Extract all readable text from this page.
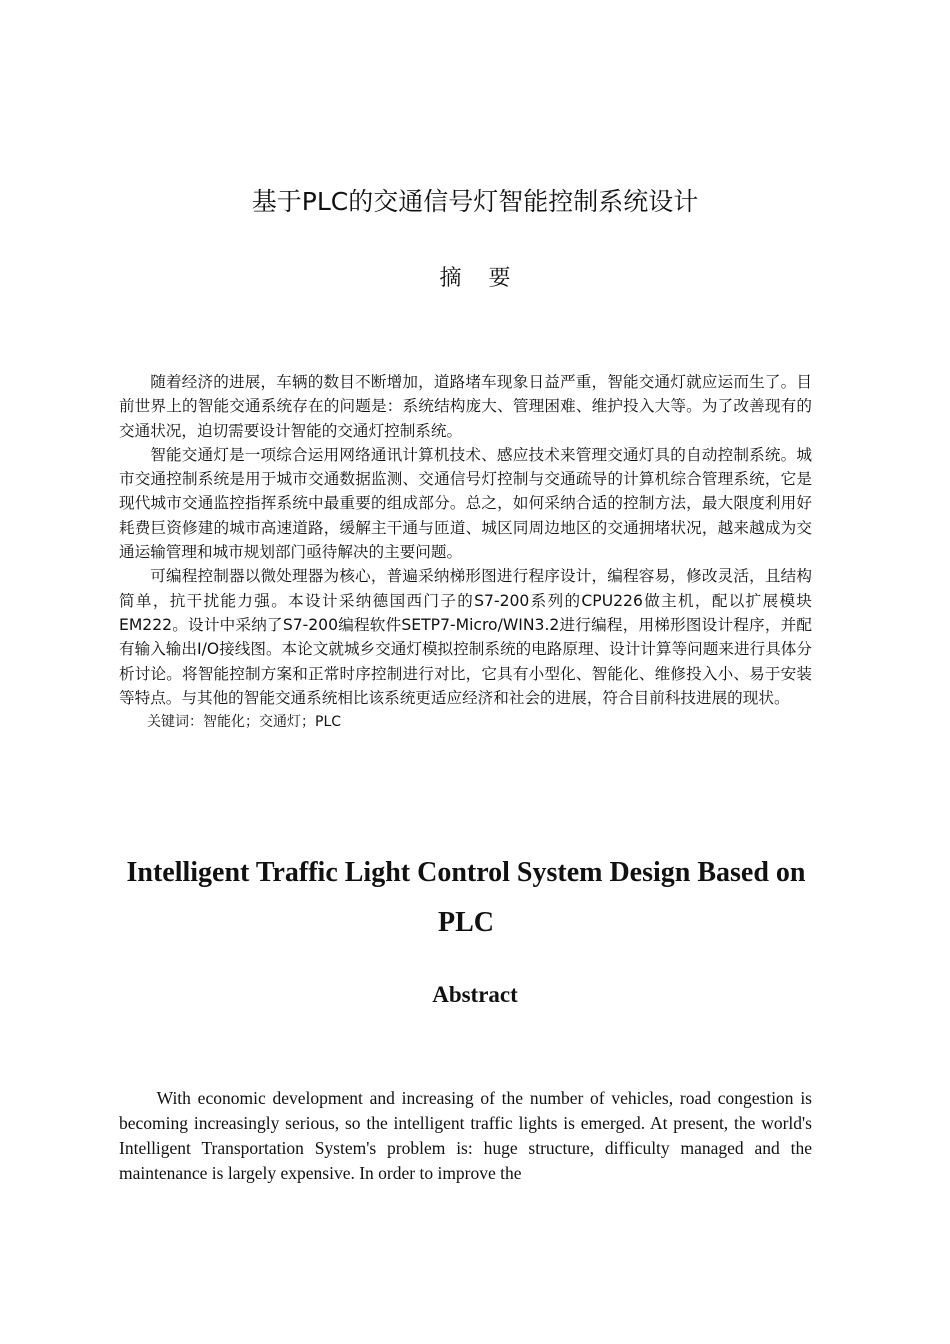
基于PLC的交通信号灯智能控制系统设计
摘 要

随着经济的进展，车辆的数目不断增加，道路堵车现象日益严重，智能交通灯就应运而生了。目前世界上的智能交通系统存在的问题是：系统结构庞大、管理困难、维护投入大等。为了改善现有的交通状况，迫切需要设计智能的交通灯控制系统。

智能交通灯是一项综合运用网络通讯计算机技术、感应技术来管理交通灯具的自动控制系统。城市交通控制系统是用于城市交通数据监测、交通信号灯控制与交通疏导的计算机综合管理系统，它是现代城市交通监控指挥系统中最重要的组成部分。总之，如何采纳合适的控制方法，最大限度利用好耗费巨资修建的城市高速道路，缓解主干通与匝道、城区同周边地区的交通拥堵状况，越来越成为交通运输管理和城市规划部门亟待解决的主要问题。

可编程控制器以微处理器为核心，普遍采纳梯形图进行程序设计，编程容易，修改灵活，且结构简单，抗干扰能力强。本设计采纳德国西门子的S7-200系列的CPU226做主机，配以扩展模块EM222。设计中采纳了S7-200编程软件SETP7-Micro/WIN3.2进行编程，用梯形图设计程序，并配有输入输出I/O接线图。本论文就城乡交通灯模拟控制系统的电路原理、设计计算等问题来进行具体分析讨论。将智能控制方案和正常时序控制进行对比，它具有小型化、智能化、维修投入小、易于安装等特点。与其他的智能交通系统相比该系统更适应经济和社会的进展，符合目前科技进展的现状。

关键词：智能化；交通灯；PLC

Intelligent Traffic Light Control System Design Based on PLC
Abstract

With economic development and increasing of the number of vehicles, road congestion is becoming increasingly serious, so the intelligent traffic lights is emerged. At present, the world's Intelligent Transportation System's problem is: huge structure, difficulty managed and the maintenance is largely expensive. In order to improve the
